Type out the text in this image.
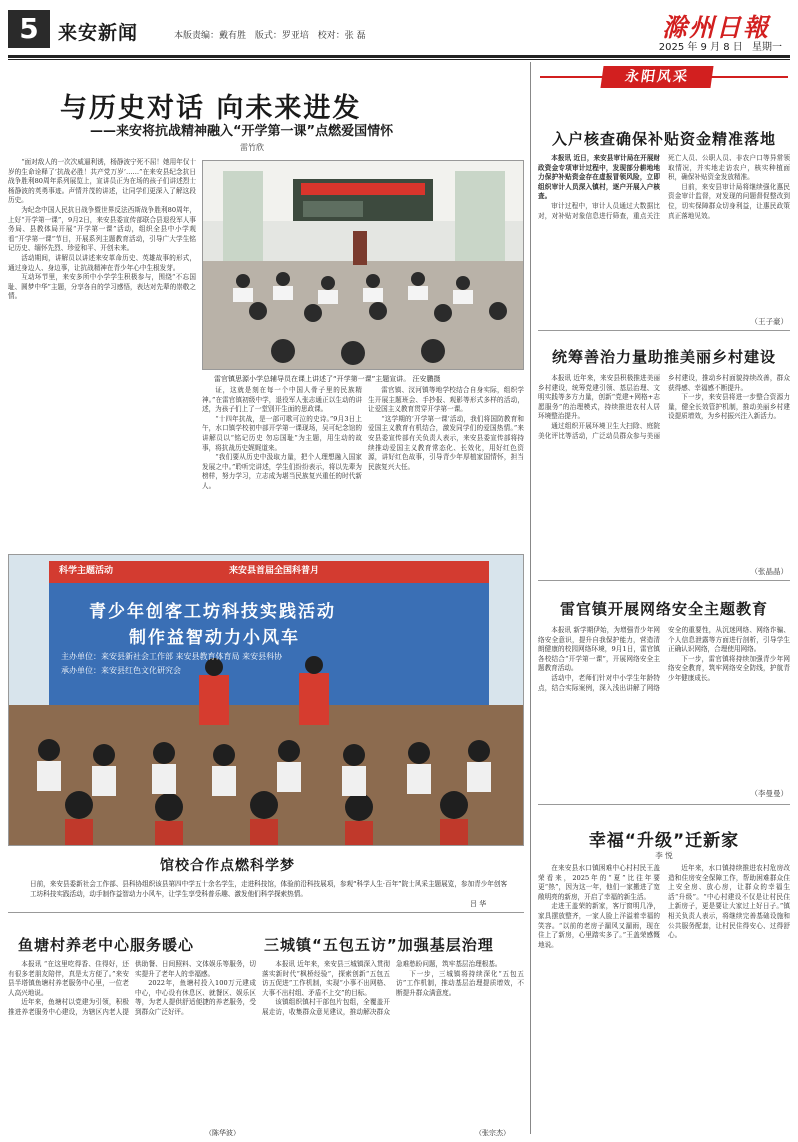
5	来安新闻	本版责编：戴有胜 版式：罗亚培 校对：张 磊	滁州日報
2025 年 9 月 8 日 星期一
与历史对话 向未来进发
——来安将抗战精神融入“开学第一课”点燃爱国情怀
雷竹欣

“面对敌人的一次次威逼利诱，杨静波宁死不屈！她用年仅十岁的生命诠释了‘抗战必胜！共产党万岁’……”在来安县纪念抗日战争胜利80周年系列展览上，宣讲员正为在场的孩子们讲述烈士杨静波的英勇事迹。声情并茂的讲述，让同学们更深入了解这段历史。

为纪念中国人民抗日战争暨世界反法西斯战争胜利80周年，上好“开学第一课”，9月2日，来安县委宣传部联合县退役军人事务局、县教体局开展“开学第一课”活动，组织全县中小学观看“开学第一课”节目，开展系列主题教育活动，引导广大学生铭记历史、缅怀先烈、珍爱和平、开创未来。

活动期间，讲解员以讲述来安革命历史、英雄故事的形式，通过身边人、身边事，让抗战精神在青少年心中生根发芽。

互动环节里，来安多所中小学学生积极参与，围绕“不忘国耻、圆梦中华”主题，分享各自的学习感悟，表达对先辈的崇敬之情。

雷官镇思源小学总辅导员在课上讲述了“开学第一课”主题宣讲。 汪安鹏摄

证，这就是刻在每一个中国人骨子里的民族精神。”在雷官镇初级中学，退役军人张志通正以生动的讲述，为孩子们上了一堂别开生面的思政课。

“十四年抗战，是一部可歌可泣的史诗。”9月3日上午，水口镇学校初中部开学第一课现场，吴可纪念馆的讲解员以“铭记历史 勿忘国耻”为主题，用生动的故事，将抗战历史娓娓道来。

“我们要从历史中汲取力量，把个人理想融入国家发展之中。”聆听完讲述，学生们纷纷表示，将以先辈为榜样，努力学习，立志成为堪当民族复兴重任的时代新人。

雷官镇、汊河镇等地学校结合自身实际，组织学生开展主题班会、手抄报、观影等形式多样的活动，让爱国主义教育贯穿开学第一课。

“这学期的‘开学第一课’活动，我们将国防教育和爱国主义教育有机结合，激发同学们的爱国热情。”来安县委宣传部有关负责人表示，来安县委宣传部将持续推动爱国主义教育常态化、长效化，用好红色资源，讲好红色故事，引导青少年厚植家国情怀，担当民族复兴大任。

科学主题活动	来安县首届全国科普月
青少年创客工坊科技实践活动
制作益智动力小风车
主办单位：来安县新社会工作部 来安县教育体育局 来安县科协
承办单位：来安县红色文化研究会
馆校合作点燃科学梦
日前，来安县委新社会工作部、县科协组织该县第四中学五十余名学生，走进科技馆，体验前沿科技展项，参观“科学人生·百年”院士风采主题展览，参加青少年创客工坊科技实践活动，动手制作益智动力小风车，让学生享受科普乐趣、激发他们科学探索热情。
吕 华
鱼塘村养老中心服务暖心

本报讯 “在这里吃得香、住得好，还有很多老朋友陪伴，真是太方便了。”来安县半塔镇鱼塘村养老服务中心里，一位老人高兴地说。

近年来，鱼塘村以党建为引领，积极推进养老服务中心建设，为辖区内老人提供助餐、日间照料、文体娱乐等服务，切实提升了老年人的幸福感。

2022年，鱼塘村投入100万元建成中心，中心设有休息区、就餐区、娱乐区等，为老人提供舒适便捷的养老服务，受到群众广泛好评。

（陈华波）
三城镇“五包五访”加强基层治理

本报讯 近年来，来安县三城镇深入贯彻落实新时代“枫桥经验”，探索创新“五包五访五促进”工作机制，实现“小事不出网格、大事不出村组、矛盾不上交”的目标。

该镇组织镇村干部包片包组，全覆盖开展走访，收集群众意见建议，推动解决群众急难愁盼问题，筑牢基层治理根基。

下一步，三城镇将持续深化“五包五访”工作机制，推动基层治理提质增效，不断提升群众满意度。

（张宗杰）
永阳风采
入户核查确保补贴资金精准落地

本报讯 近日，来安县审计局在开展财政资金专项审计过程中，发现部分耕地地力保护补贴资金存在虚报冒领风险，立即组织审计人员深入镇村，逐户开展入户核查。

审计过程中，审计人员通过大数据比对，对补贴对象信息进行筛查，重点关注死亡人员、公职人员、非农户口等异常领取情况，并实地走访农户，核实种植面积，确保补贴资金发放精准。

目前，来安县审计局将继续强化惠民资金审计监督，对发现的问题督促整改到位，切实保障群众切身利益，让惠民政策真正落地见效。

（王子豪）
统筹善治力量助推美丽乡村建设

本报讯 近年来，来安县积极推进美丽乡村建设，统筹党建引领、基层治理、文明实践等多方力量，创新“党建+网格+志愿服务”的治理模式，持续推进农村人居环境整治提升。

通过组织开展环境卫生大扫除、庭院美化评比等活动，广泛动员群众参与美丽乡村建设，推动乡村面貌持续改善，群众获得感、幸福感不断提升。

下一步，来安县将进一步整合资源力量，健全长效管护机制，推动美丽乡村建设提质增效，为乡村振兴注入新活力。

（张晶晶）
雷官镇开展网络安全主题教育

本报讯 新学期伊始，为增强青少年网络安全意识，提升自我保护能力，营造清朗健康的校园网络环境，9月1日，雷官镇各校结合“开学第一课”，开展网络安全主题教育活动。

活动中，老师们针对中小学生年龄特点，结合实际案例，深入浅出讲解了网络安全的重要性，从沉迷网络、网络诈骗、个人信息泄露等方面进行剖析，引导学生正确认识网络，合理使用网络。

下一步，雷官镇将持续加强青少年网络安全教育，筑牢网络安全防线，护航青少年健康成长。

（李曼曼）
幸福“升级”迁新家
李 悦

在来安县水口镇困难中心村村民王盖荣看来，2025年的“夏”比往年要更“热”，因为这一年，他们一家搬进了宽敞明亮的新房，开启了幸福的新生活。

走进王盖荣的新家，客厅窗明几净，家具摆放整齐，一家人脸上洋溢着幸福的笑容。“以前的老房子漏风又漏雨，现在住上了新房，心里踏实多了。”王盖荣感慨地说。

近年来，水口镇持续推进农村危房改造和住房安全保障工作，帮助困难群众住上安全房、放心房，让群众的幸福生活“升级”。“中心村建设不仅是让村民住上新房子，更是要让大家过上好日子。”镇相关负责人表示，将继续完善基础设施和公共服务配套，让村民住得安心、过得舒心。
